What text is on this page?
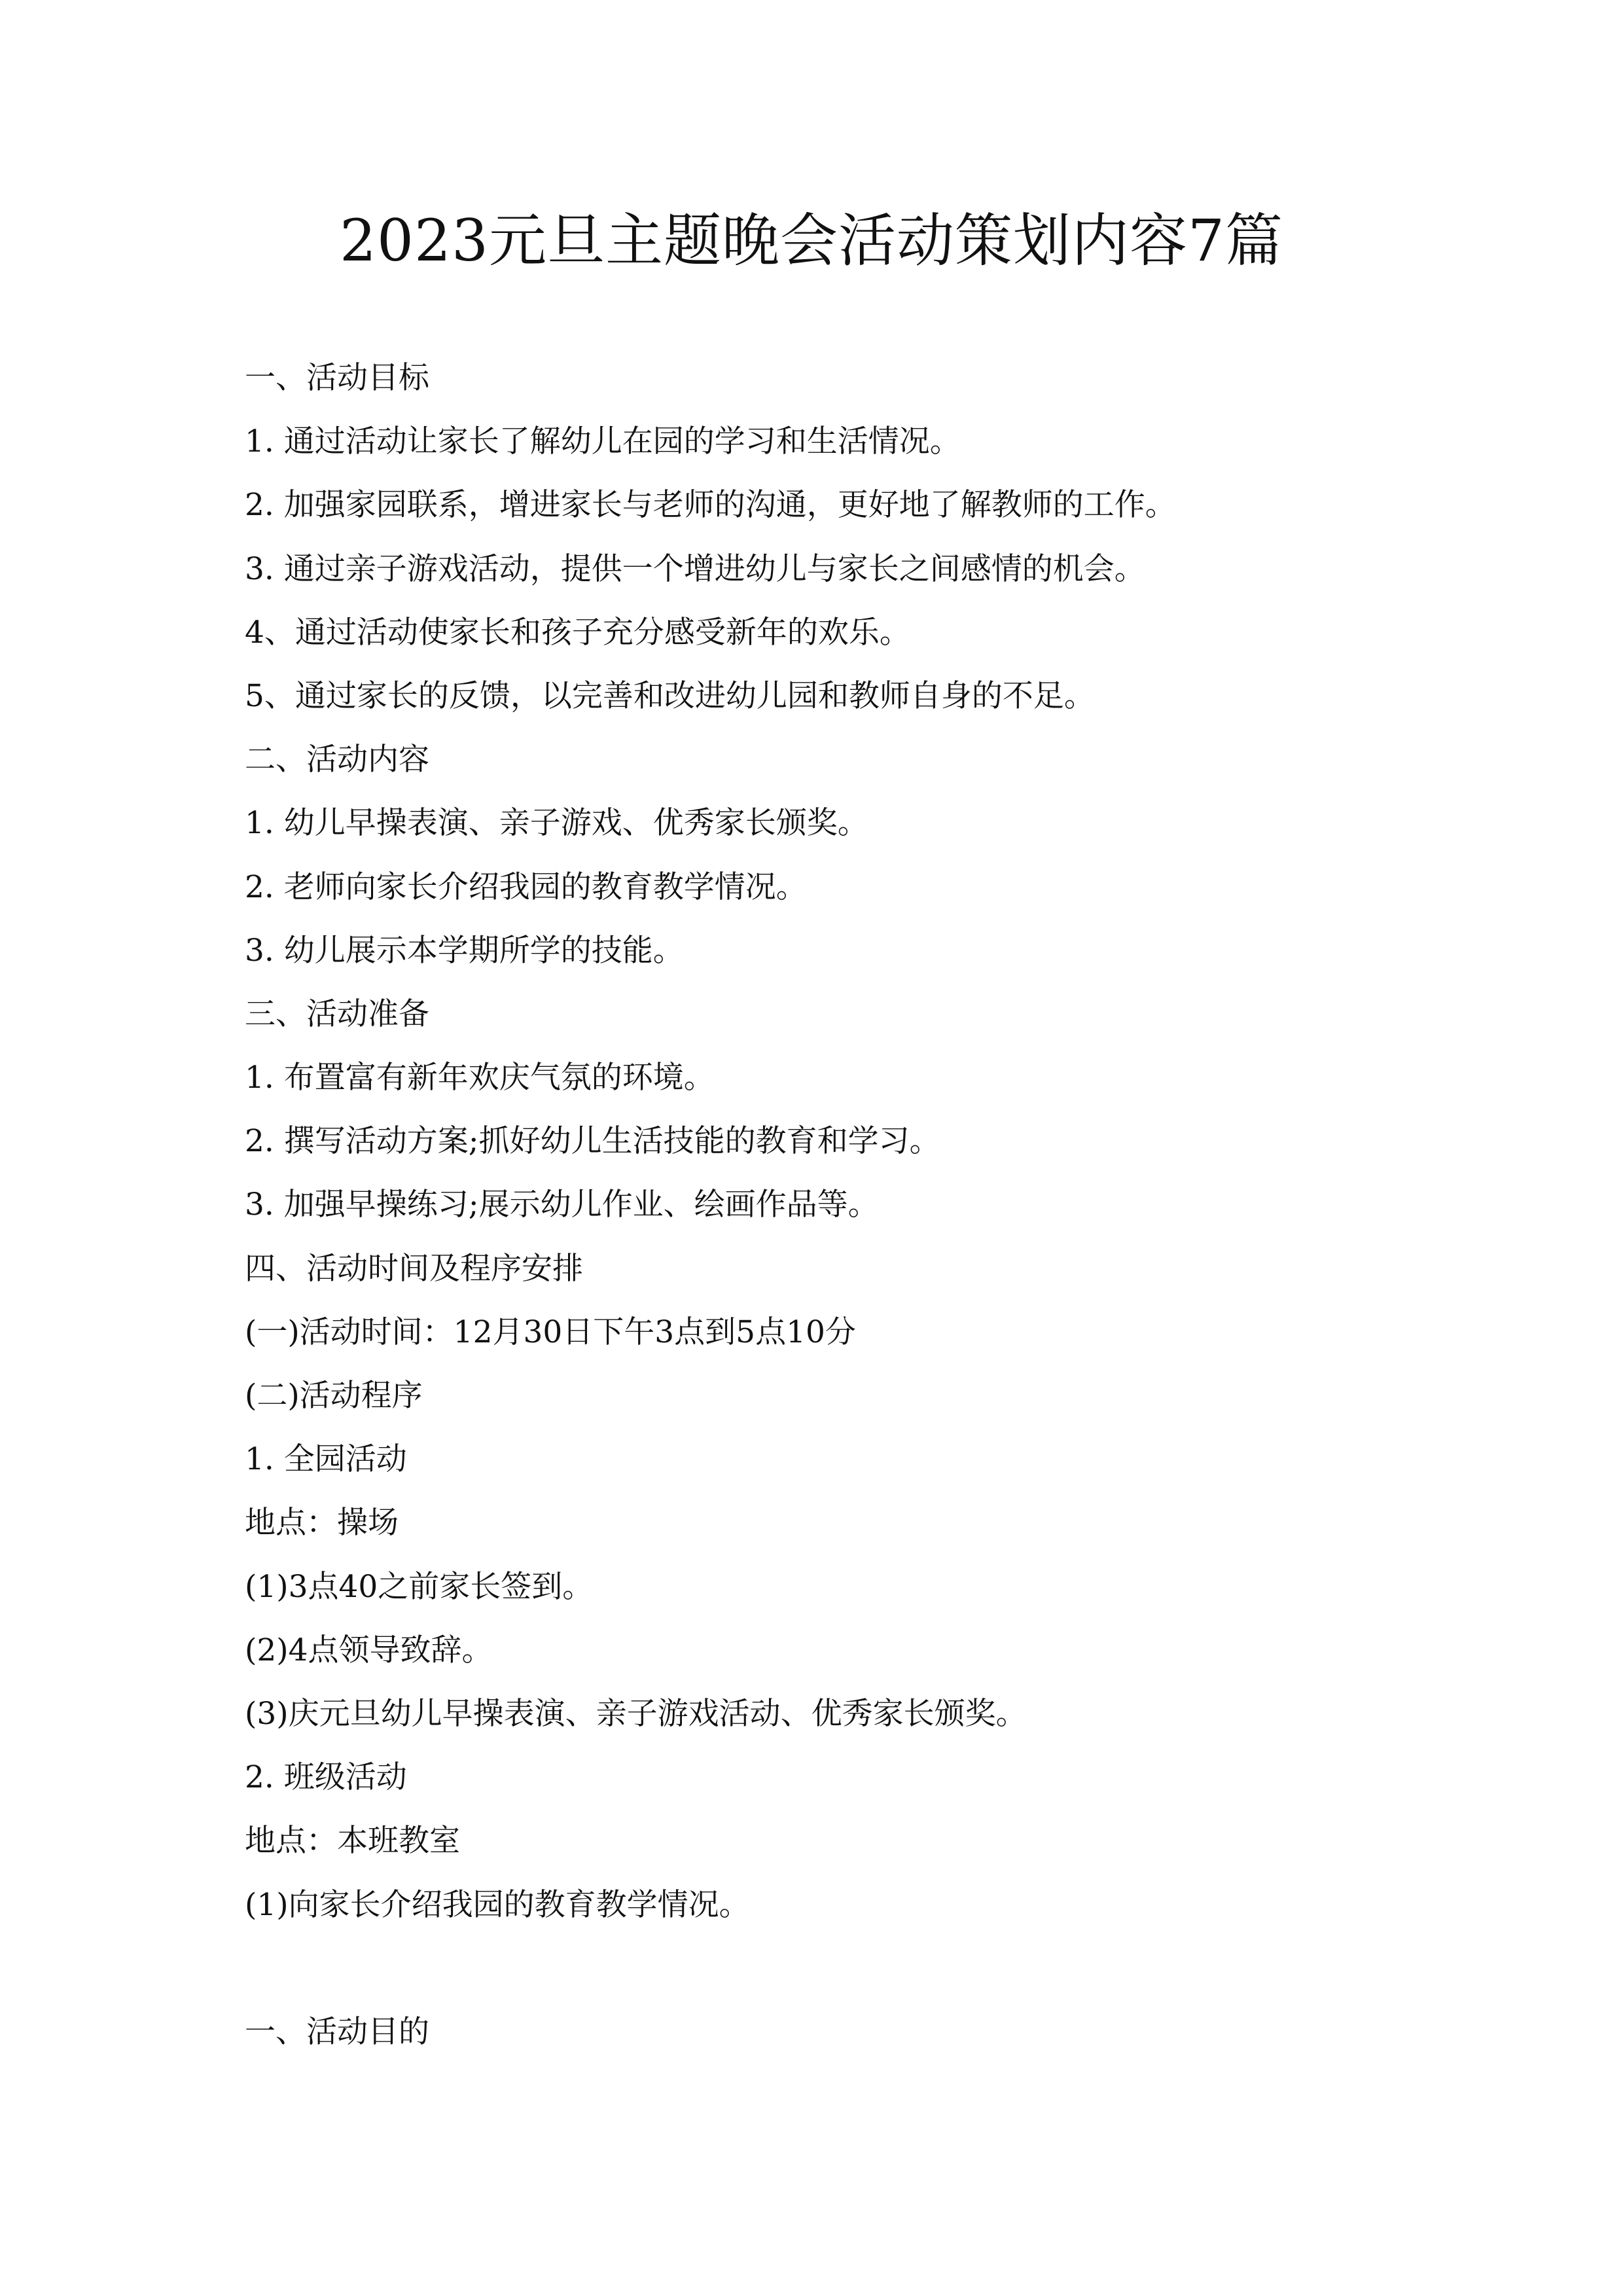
2023元旦主题晚会活动策划内容7篇
一、活动目标
1. 通过活动让家长了解幼儿在园的学习和生活情况。
2. 加强家园联系，增进家长与老师的沟通，更好地了解教师的工作。
3. 通过亲子游戏活动，提供一个增进幼儿与家长之间感情的机会。
4、通过活动使家长和孩子充分感受新年的欢乐。
5、通过家长的反馈，以完善和改进幼儿园和教师自身的不足。
二、活动内容
1. 幼儿早操表演、亲子游戏、优秀家长颁奖。
2. 老师向家长介绍我园的教育教学情况。
3. 幼儿展示本学期所学的技能。
三、活动准备
1. 布置富有新年欢庆气氛的环境。
2. 撰写活动方案;抓好幼儿生活技能的教育和学习。
3. 加强早操练习;展示幼儿作业、绘画作品等。
四、活动时间及程序安排
(一)活动时间：12月30日下午3点到5点10分
(二)活动程序
1. 全园活动
地点：操场
(1)3点40之前家长签到。
(2)4点领导致辞。
(3)庆元旦幼儿早操表演、亲子游戏活动、优秀家长颁奖。
2. 班级活动
地点：本班教室
(1)向家长介绍我园的教育教学情况。
一、活动目的
